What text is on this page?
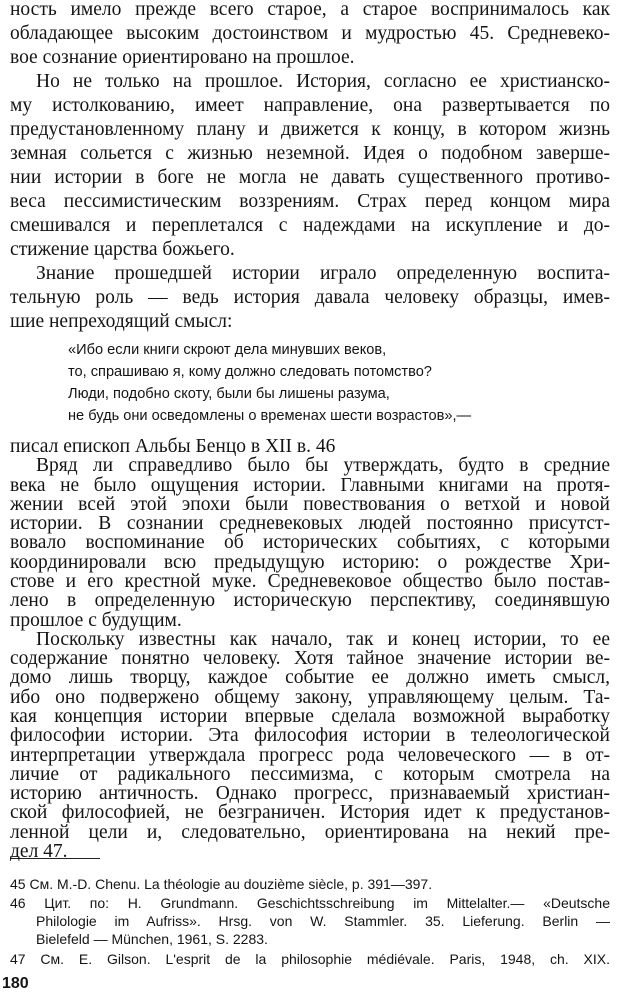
ность имело прежде всего старое, а старое воспринималось как
обладающее высоким достоинством и мудростью 45. Средневеко-
вое сознание ориентировано на прошлое.
Но не только на прошлое. История, согласно ее христианско-
му истолкованию, имеет направление, она развертывается по
предустановленному плану и движется к концу, в котором жизнь
земная сольется с жизнью неземной. Идея о подобном заверше-
нии истории в боге не могла не давать существенного противо-
веса пессимистическим воззрениям. Страх перед концом мира
смешивался и переплетался с надеждами на искупление и до-
стижение царства божьего.
Знание прошедшей истории играло определенную воспита-
тельную роль — ведь история давала человеку образцы, имев-
шие непреходящий смысл:
«Ибо если книги скроют дела минувших веков,
то, спрашиваю я, кому должно следовать потомство?
Люди, подобно скоту, были бы лишены разума,
не будь они осведомлены о временах шести возрастов»,—
писал епископ Альбы Бенцо в XII в. 46
Вряд ли справедливо было бы утверждать, будто в средние
века не было ощущения истории. Главными книгами на протя-
жении всей этой эпохи были повествования о ветхой и новой
истории. В сознании средневековых людей постоянно присутст-
вовало воспоминание об исторических событиях, с которыми
координировали всю предыдущую историю: о рождестве Хри-
стове и его крестной муке. Средневековое общество было постав-
лено в определенную историческую перспективу, соединявшую
прошлое с будущим.
Поскольку известны как начало, так и конец истории, то ее
содержание понятно человеку. Хотя тайное значение истории ве-
домо лишь творцу, каждое событие ее должно иметь смысл,
ибо оно подвержено общему закону, управляющему целым. Та-
кая концепция истории впервые сделала возможной выработку
философии истории. Эта философия истории в телеологической
интерпретации утверждала прогресс рода человеческого — в от-
45 См. M.-D. Chenu. La théologie au douzième siècle, p. 391—397.
46 Цит. по: H. Grundmann. Geschichtsschreibung im Mittelalter.— «Deutsche
Philologie im Aufriss». Hrsg. von W. Stammler. 35. Lieferung. Berlin —
Bielefeld — München, 1961, S. 2283.
47 См. E. Gilson. L'esprit de la philosophie médiévale. Paris, 1948, ch. XIX.
180
личие от радикального пессимизма, с которым смотрела на
историю античность. Однако прогресс, признаваемый христиан-
ской философией, не безграничен. История идет к предустанов-
ленной цели и, следовательно, ориентирована на некий пре-
дел 47.
